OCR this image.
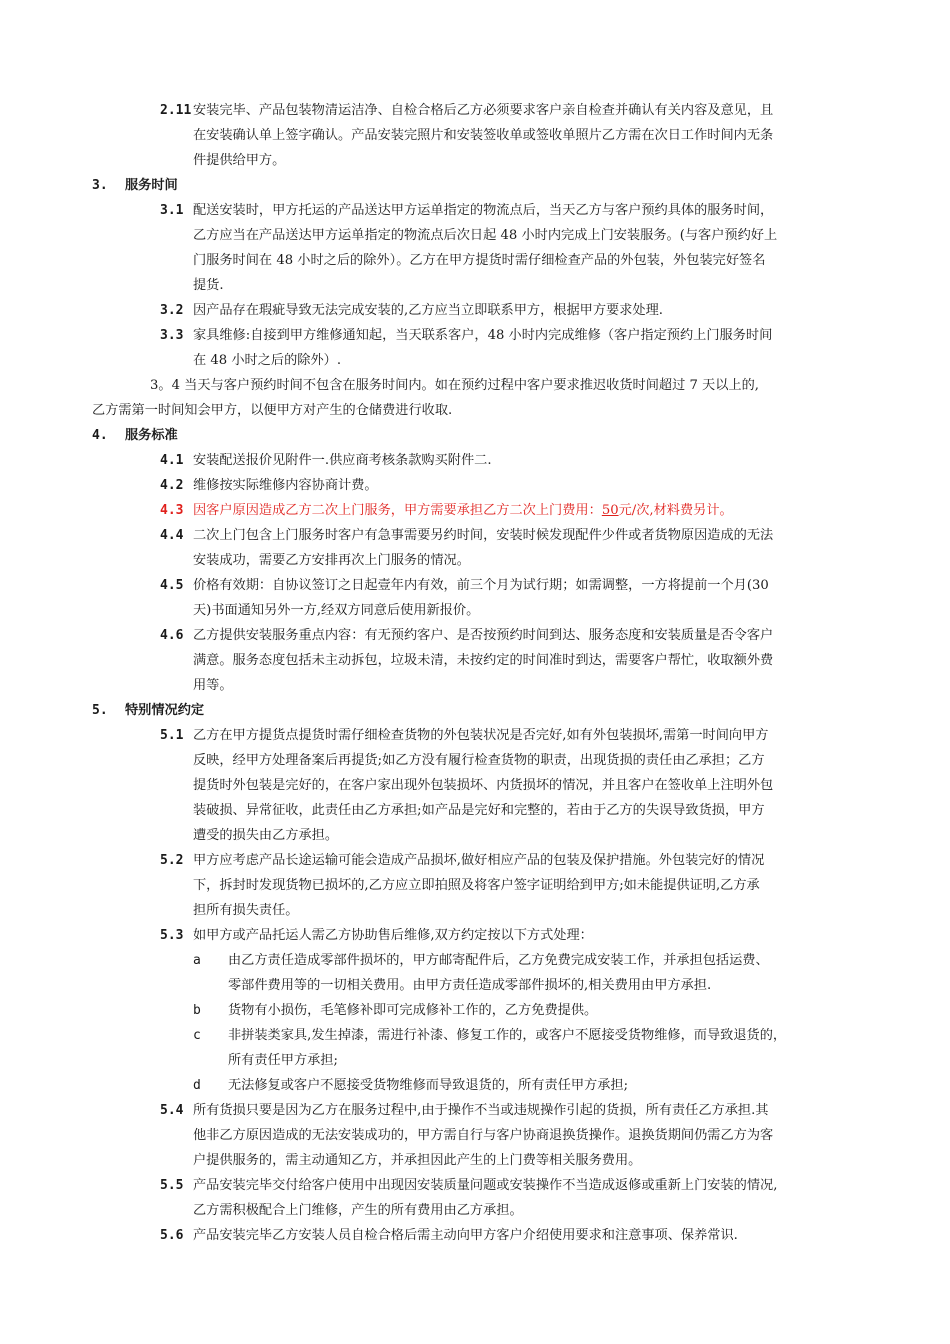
2.11 安装完毕、产品包装物清运洁净、自检合格后乙方必须要求客户亲自检查并确认有关内容及意见，且
在安装确认单上签字确认。产品安装完照片和安装签收单或签收单照片乙方需在次日工作时间内无条
件提供给甲方。
3. 服务时间
3.1 配送安装时，甲方托运的产品送达甲方运单指定的物流点后，当天乙方与客户预约具体的服务时间，
乙方应当在产品送达甲方运单指定的物流点后次日起 48 小时内完成上门安装服务。(与客户预约好上
门服务时间在 48 小时之后的除外）。乙方在甲方提货时需仔细检查产品的外包装，外包装完好签名
提货.
3.2 因产品存在瑕疵导致无法完成安装的,乙方应当立即联系甲方，根据甲方要求处理.
3.3 家具维修:自接到甲方维修通知起，当天联系客户，48 小时内完成维修（客户指定预约上门服务时间
在 48 小时之后的除外）.
3。4 当天与客户预约时间不包含在服务时间内。如在预约过程中客户要求推迟收货时间超过 7 天以上的,
乙方需第一时间知会甲方，以便甲方对产生的仓储费进行收取.
4. 服务标准
4.1 安装配送报价见附件一.供应商考核条款购买附件二.
4.2 维修按实际维修内容协商计费。
4.3 因客户原因造成乙方二次上门服务，甲方需要承担乙方二次上门费用：50元/次,材料费另计。
4.4 二次上门包含上门服务时客户有急事需要另约时间，安装时候发现配件少件或者货物原因造成的无法
安装成功，需要乙方安排再次上门服务的情况。
4.5 价格有效期：自协议签订之日起壹年内有效，前三个月为试行期；如需调整，一方将提前一个月(30
天)书面通知另外一方,经双方同意后使用新报价。
4.6 乙方提供安装服务重点内容：有无预约客户、是否按预约时间到达、服务态度和安装质量是否令客户
满意。服务态度包括未主动拆包，垃圾未清，未按约定的时间准时到达，需要客户帮忙，收取额外费
用等。
5. 特别情况约定
5.1 乙方在甲方提货点提货时需仔细检查货物的外包装状况是否完好,如有外包装损坏,需第一时间向甲方
反映，经甲方处理备案后再提货;如乙方没有履行检查货物的职责，出现货损的责任由乙承担；乙方
提货时外包装是完好的，在客户家出现外包装损坏、内货损坏的情况，并且客户在签收单上注明外包
装破损、异常征收，此责任由乙方承担;如产品是完好和完整的，若由于乙方的失误导致货损，甲方
遭受的损失由乙方承担。
5.2 甲方应考虑产品长途运输可能会造成产品损坏,做好相应产品的包装及保护措施。外包装完好的情况
下，拆封时发现货物已损坏的,乙方应立即拍照及将客户签字证明给到甲方;如未能提供证明,乙方承
担所有损失责任。
5.3 如甲方或产品托运人需乙方协助售后维修,双方约定按以下方式处理：
a 由乙方责任造成零部件损坏的，甲方邮寄配件后，乙方免费完成安装工作，并承担包括运费、
零部件费用等的一切相关费用。由甲方责任造成零部件损坏的,相关费用由甲方承担.
b 货物有小损伤，毛笔修补即可完成修补工作的，乙方免费提供。
c 非拼装类家具,发生掉漆，需进行补漆、修复工作的，或客户不愿接受货物维修，而导致退货的，
所有责任甲方承担;
d 无法修复或客户不愿接受货物维修而导致退货的，所有责任甲方承担;
5.4 所有货损只要是因为乙方在服务过程中,由于操作不当或违规操作引起的货损，所有责任乙方承担.其
他非乙方原因造成的无法安装成功的，甲方需自行与客户协商退换货操作。退换货期间仍需乙方为客
户提供服务的，需主动通知乙方，并承担因此产生的上门费等相关服务费用。
5.5 产品安装完毕交付给客户使用中出现因安装质量问题或安装操作不当造成返修或重新上门安装的情况,
乙方需积极配合上门维修，产生的所有费用由乙方承担。
5.6 产品安装完毕乙方安装人员自检合格后需主动向甲方客户介绍使用要求和注意事项、保养常识.
